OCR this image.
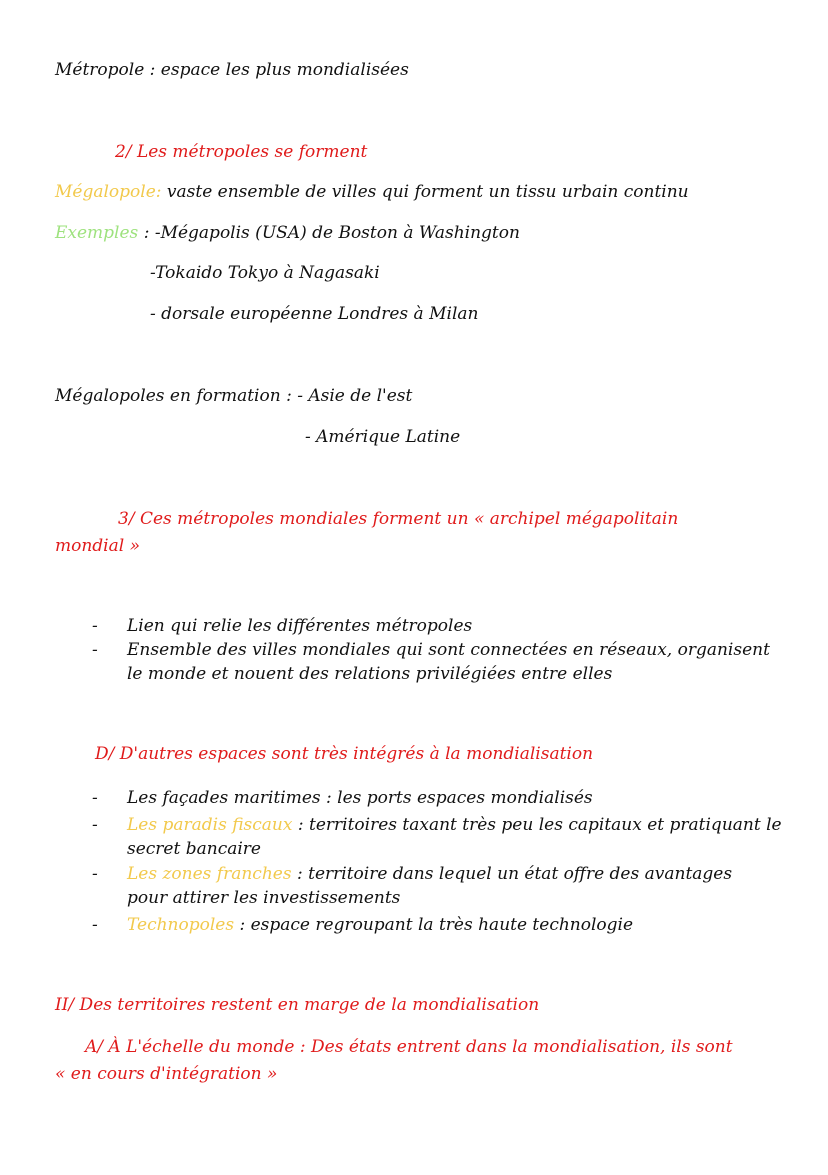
Métropole : espace les plus mondialisées
2/ Les métropoles se forment
Mégalopole: vaste ensemble de villes qui forment un tissu urbain continu
Exemples : -Mégapolis (USA) de Boston à Washington
-Tokaido Tokyo à Nagasaki
- dorsale européenne Londres à Milan
Mégalopoles en formation : - Asie de l'est
- Amérique Latine
3/ Ces métropoles mondiales forment un « archipel mégapolitain
mondial »
- Lien qui relie les différentes métropoles
- Ensemble des villes mondiales qui sont connectées en réseaux, organisent le monde et nouent des relations privilégiées entre elles
D/ D'autres espaces sont très intégrés à la mondialisation
- Les façades maritimes : les ports espaces mondialisés
- Les paradis fiscaux : territoires taxant très peu les capitaux et pratiquant le secret bancaire
- Les zones franches : territoire dans lequel un état offre des avantages pour attirer les investissements
- Technopoles : espace regroupant la très haute technologie
II/ Des territoires restent en marge de la mondialisation
A/ À L'échelle du monde : Des états entrent dans la mondialisation, ils sont
« en cours d'intégration »
